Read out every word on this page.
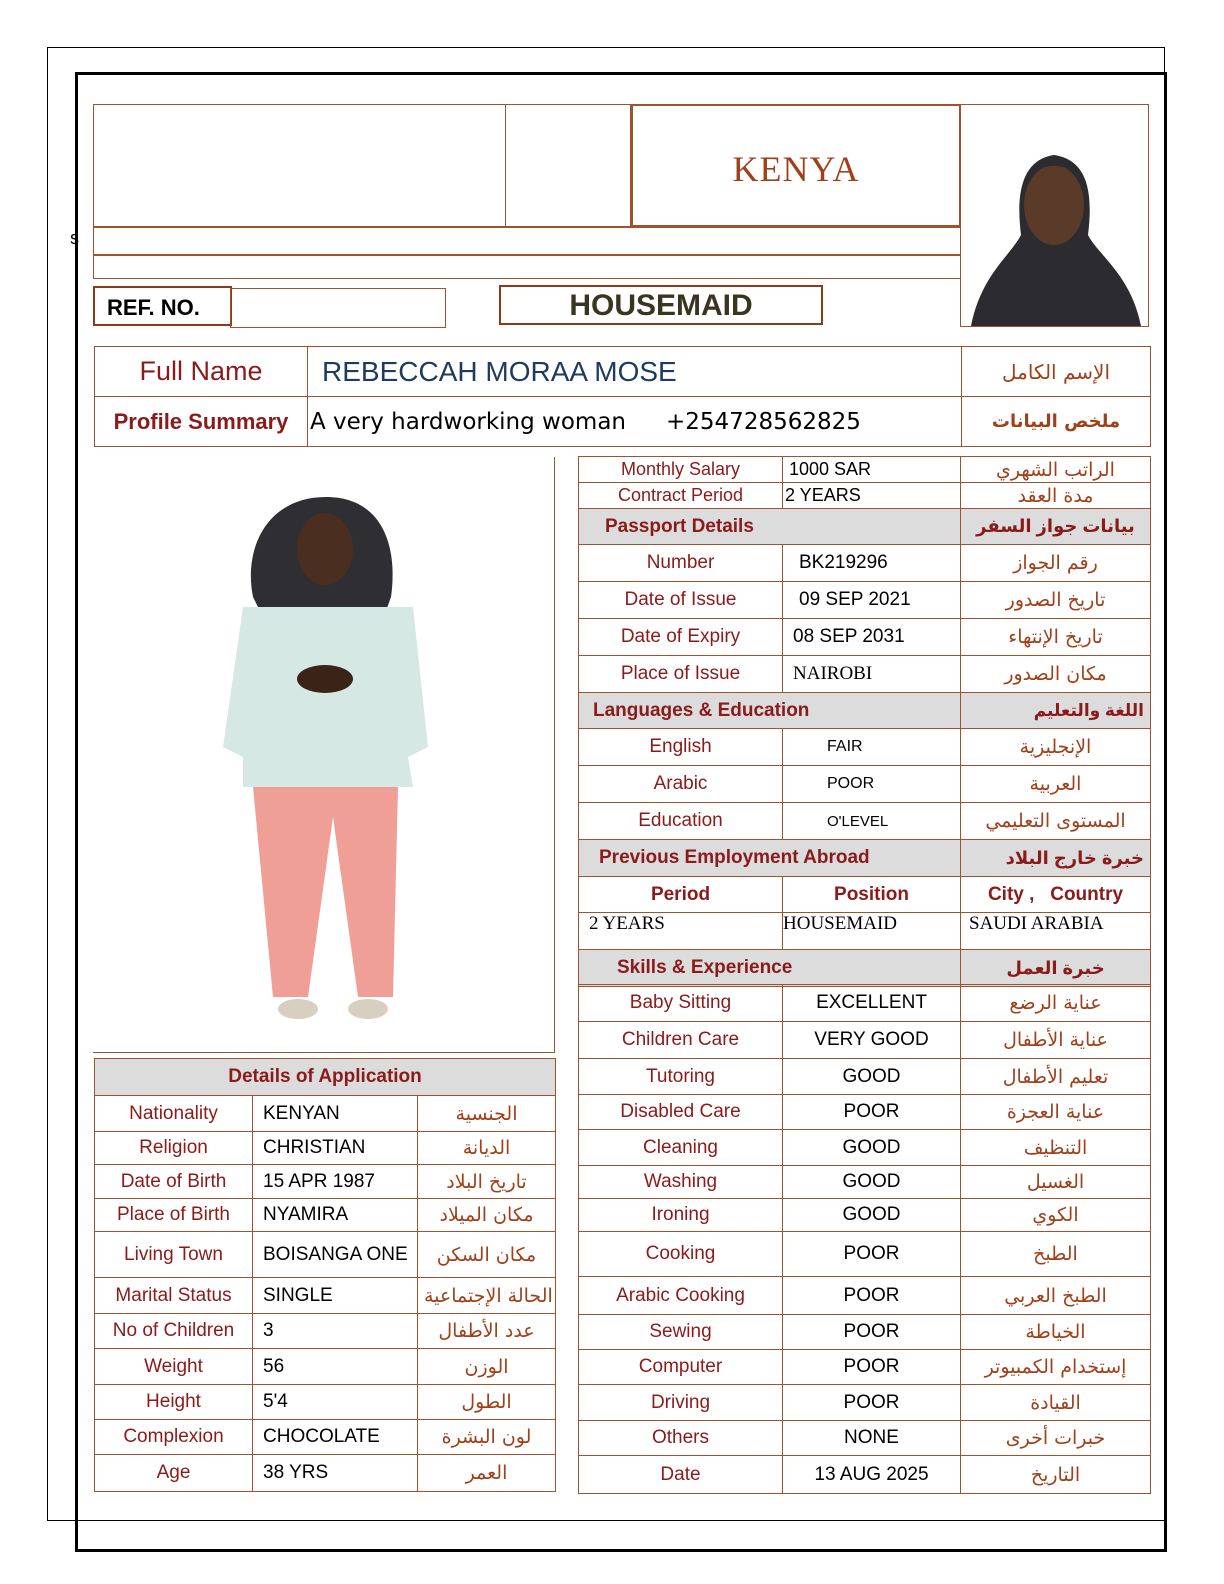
s
KENYA
REF. NO.	HOUSEMAID
Full Name	REBECCAH MORAA MOSE	الإسم الكامل
Profile Summary	A very hardworking woman +254728562825	ملخص البيانات
Monthly Salary	1000 SAR	الراتب الشهري
Contract Period	2 YEARS	مدة العقد
Passport Details		بيانات جواز السفر
Number	BK219296	رقم الجواز
Date of Issue	09 SEP 2021	تاريخ الصدور
Date of Expiry	08 SEP 2031	تاريخ الإنتهاء
Place of Issue	NAIROBI	مكان الصدور
Languages & Education		اللغة والتعليم
English	FAIR	الإنجليزية
Arabic	POOR	العربية
Education	O'LEVEL	المستوى التعليمي
Previous Employment Abroad		خبرة خارج البلاد
Period	Position	City ,   Country
2 YEARS	HOUSEMAID	SAUDI ARABIA
Skills & Experience		خبرة العمل
Baby Sitting	EXCELLENT	عناية الرضع
Children Care	VERY GOOD	عناية الأطفال
Tutoring	GOOD	تعليم الأطفال
Disabled Care	POOR	عناية العجزة
Cleaning	GOOD	التنظيف
Washing	GOOD	الغسيل
Ironing	GOOD	الكوي
Cooking	POOR	الطبخ
Arabic Cooking	POOR	الطبخ العربي
Sewing	POOR	الخياطة
Computer	POOR	إستخدام الكمبيوتر
Driving	POOR	القيادة
Others	NONE	خبرات أخرى
Date	13 AUG 2025	التاريخ
Details of Application		
Nationality	KENYAN	الجنسية
Religion	CHRISTIAN	الديانة
Date of Birth	15 APR 1987	تاريخ البلاد
Place of Birth	NYAMIRA	مكان الميلاد
Living Town	BOISANGA ONE	مكان السكن
Marital Status	SINGLE	الحالة الإجتماعية
No of Children	3	عدد الأطفال
Weight	56	الوزن
Height	5'4	الطول
Complexion	CHOCOLATE	لون البشرة
Age	38 YRS	العمر
